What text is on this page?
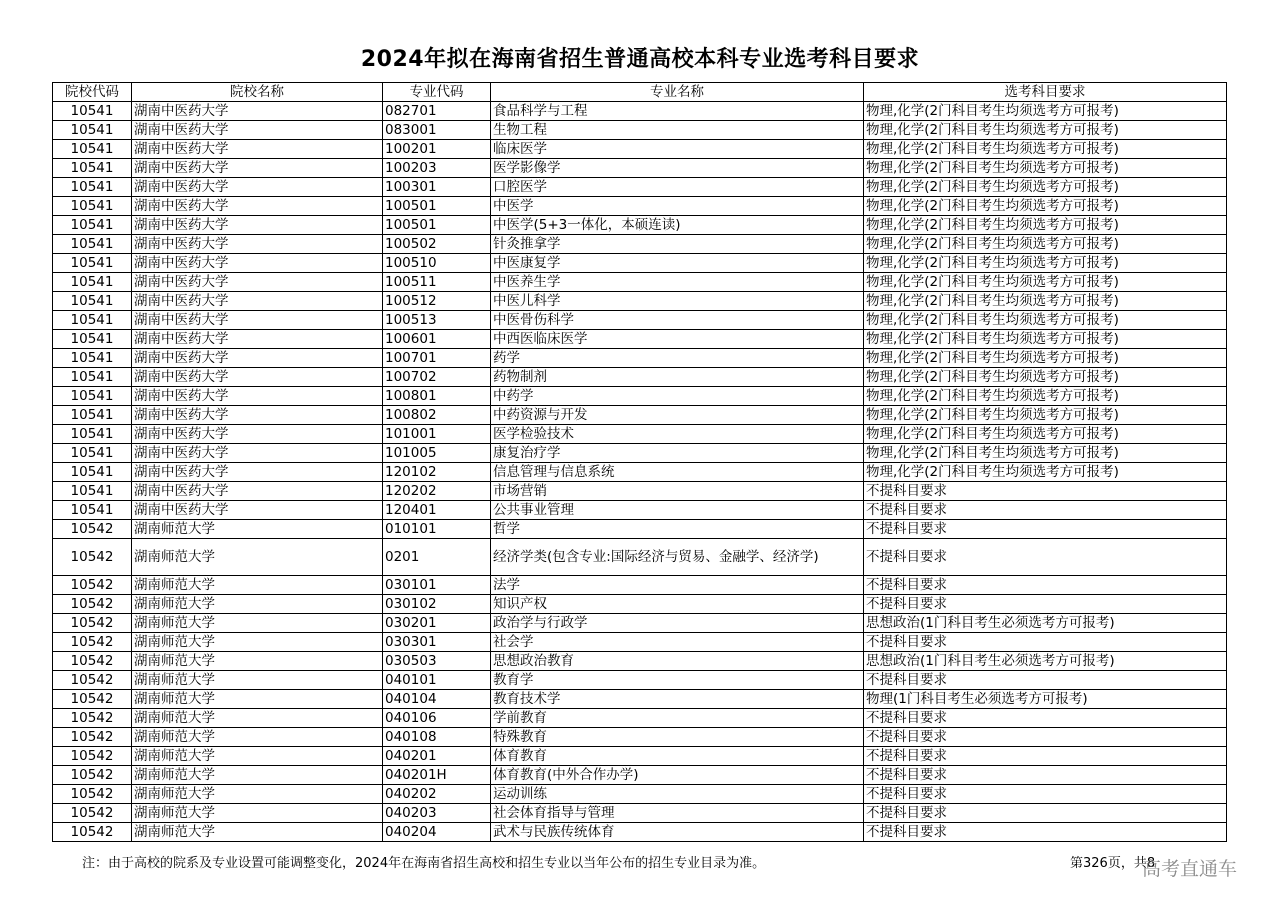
2024年拟在海南省招生普通高校本科专业选考科目要求
院校代码	院校名称	专业代码	专业名称	选考科目要求
10541	湖南中医药大学	082701	食品科学与工程	物理,化学(2门科目考生均须选考方可报考)
10541	湖南中医药大学	083001	生物工程	物理,化学(2门科目考生均须选考方可报考)
10541	湖南中医药大学	100201	临床医学	物理,化学(2门科目考生均须选考方可报考)
10541	湖南中医药大学	100203	医学影像学	物理,化学(2门科目考生均须选考方可报考)
10541	湖南中医药大学	100301	口腔医学	物理,化学(2门科目考生均须选考方可报考)
10541	湖南中医药大学	100501	中医学	物理,化学(2门科目考生均须选考方可报考)
10541	湖南中医药大学	100501	中医学(5+3一体化，本硕连读)	物理,化学(2门科目考生均须选考方可报考)
10541	湖南中医药大学	100502	针灸推拿学	物理,化学(2门科目考生均须选考方可报考)
10541	湖南中医药大学	100510	中医康复学	物理,化学(2门科目考生均须选考方可报考)
10541	湖南中医药大学	100511	中医养生学	物理,化学(2门科目考生均须选考方可报考)
10541	湖南中医药大学	100512	中医儿科学	物理,化学(2门科目考生均须选考方可报考)
10541	湖南中医药大学	100513	中医骨伤科学	物理,化学(2门科目考生均须选考方可报考)
10541	湖南中医药大学	100601	中西医临床医学	物理,化学(2门科目考生均须选考方可报考)
10541	湖南中医药大学	100701	药学	物理,化学(2门科目考生均须选考方可报考)
10541	湖南中医药大学	100702	药物制剂	物理,化学(2门科目考生均须选考方可报考)
10541	湖南中医药大学	100801	中药学	物理,化学(2门科目考生均须选考方可报考)
10541	湖南中医药大学	100802	中药资源与开发	物理,化学(2门科目考生均须选考方可报考)
10541	湖南中医药大学	101001	医学检验技术	物理,化学(2门科目考生均须选考方可报考)
10541	湖南中医药大学	101005	康复治疗学	物理,化学(2门科目考生均须选考方可报考)
10541	湖南中医药大学	120102	信息管理与信息系统	物理,化学(2门科目考生均须选考方可报考)
10541	湖南中医药大学	120202	市场营销	不提科目要求
10541	湖南中医药大学	120401	公共事业管理	不提科目要求
10542	湖南师范大学	010101	哲学	不提科目要求
10542	湖南师范大学	0201	经济学类(包含专业:国际经济与贸易、金融学、经济学)	不提科目要求
10542	湖南师范大学	030101	法学	不提科目要求
10542	湖南师范大学	030102	知识产权	不提科目要求
10542	湖南师范大学	030201	政治学与行政学	思想政治(1门科目考生必须选考方可报考)
10542	湖南师范大学	030301	社会学	不提科目要求
10542	湖南师范大学	030503	思想政治教育	思想政治(1门科目考生必须选考方可报考)
10542	湖南师范大学	040101	教育学	不提科目要求
10542	湖南师范大学	040104	教育技术学	物理(1门科目考生必须选考方可报考)
10542	湖南师范大学	040106	学前教育	不提科目要求
10542	湖南师范大学	040108	特殊教育	不提科目要求
10542	湖南师范大学	040201	体育教育	不提科目要求
10542	湖南师范大学	040201H	体育教育(中外合作办学)	不提科目要求
10542	湖南师范大学	040202	运动训练	不提科目要求
10542	湖南师范大学	040203	社会体育指导与管理	不提科目要求
10542	湖南师范大学	040204	武术与民族传统体育	不提科目要求
注：由于高校的院系及专业设置可能调整变化，2024年在海南省招生高校和招生专业以当年公布的招生专业目录为准。	第326页，共8
高考直通车
